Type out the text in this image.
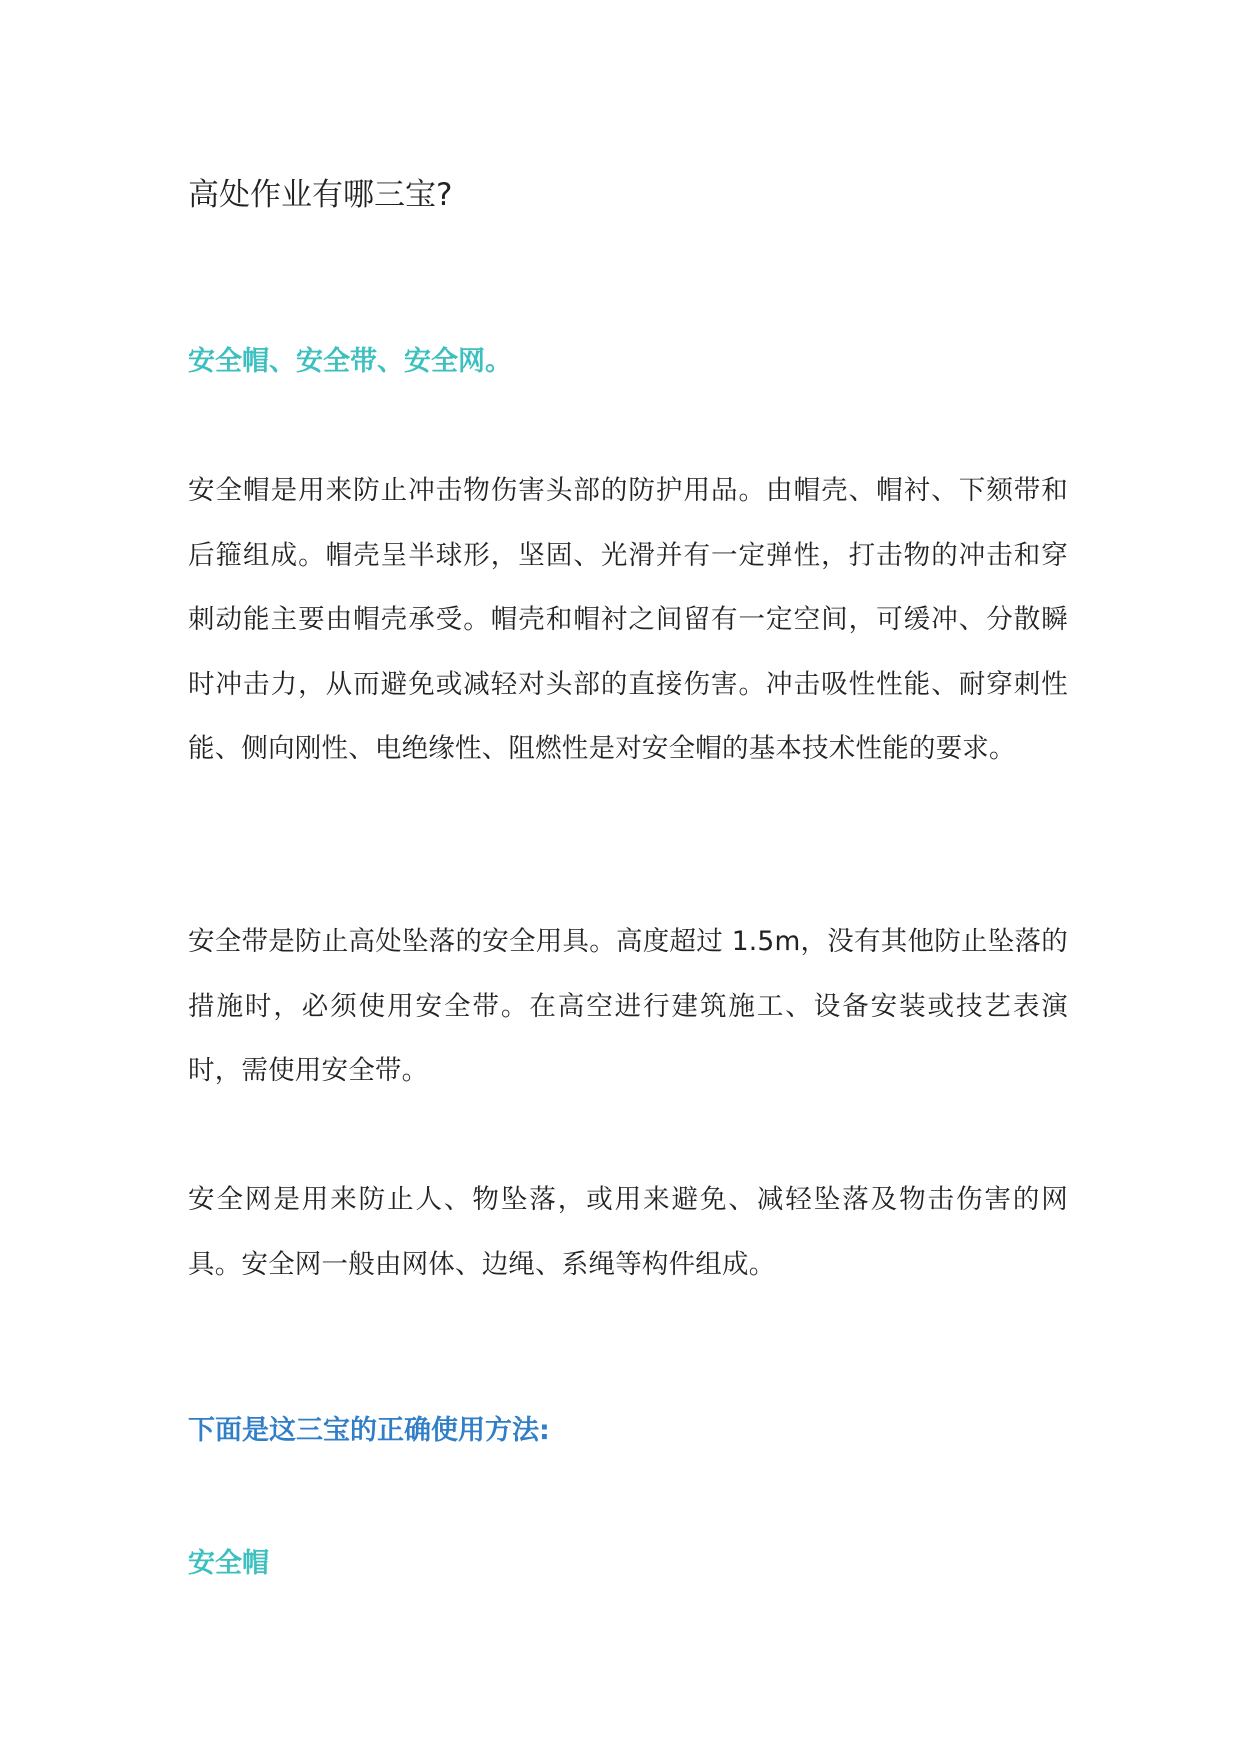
高处作业有哪三宝?

安全帽、安全带、安全网。

安全帽是用来防止冲击物伤害头部的防护用品。由帽壳、帽衬、下颏带和后箍组成。帽壳呈半球形，坚固、光滑并有一定弹性，打击物的冲击和穿刺动能主要由帽壳承受。帽壳和帽衬之间留有一定空间，可缓冲、分散瞬时冲击力，从而避免或减轻对头部的直接伤害。冲击吸性性能、耐穿刺性能、侧向刚性、电绝缘性、阻燃性是对安全帽的基本技术性能的要求。

安全带是防止高处坠落的安全用具。高度超过 1.5m，没有其他防止坠落的措施时，必须使用安全带。在高空进行建筑施工、设备安装或技艺表演时，需使用安全带。

安全网是用来防止人、物坠落，或用来避免、减轻坠落及物击伤害的网具。安全网一般由网体、边绳、系绳等构件组成。

下面是这三宝的正确使用方法:

安全帽
